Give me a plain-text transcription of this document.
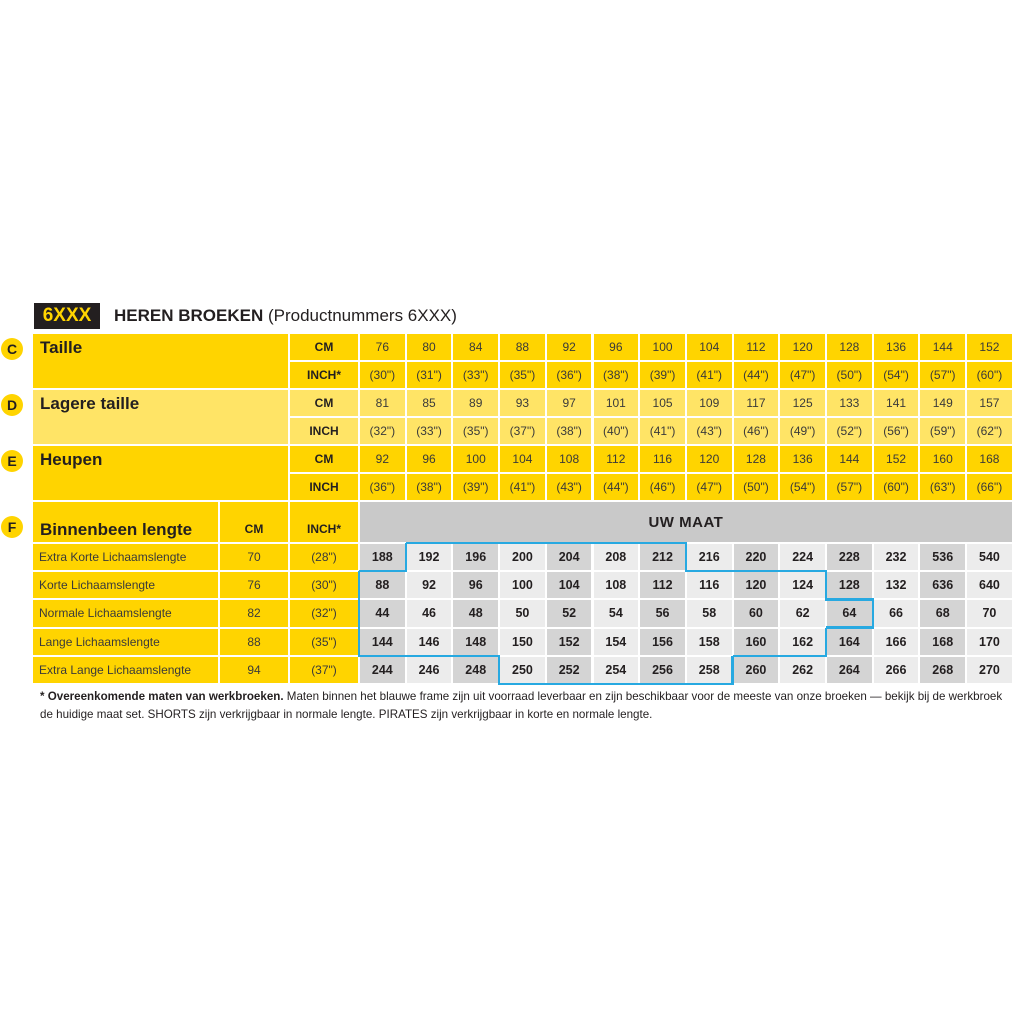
6XXX	HEREN BROEKEN (Productnummers 6XXX)
C	Taille	CM	76	80	84	88	92	96	100	104	112	120	128	136	144	152
INCH*	(30")	(31")	(33")	(35")	(36")	(38")	(39")	(41")	(44")	(47")	(50")	(54")	(57")	(60")
D	Lagere taille	CM	81	85	89	93	97	101	105	109	117	125	133	141	149	157
INCH	(32")	(33")	(35")	(37")	(38")	(40")	(41")	(43")	(46")	(49")	(52")	(56")	(59")	(62")
E	Heupen	CM	92	96	100	104	108	112	116	120	128	136	144	152	160	168
INCH	(36")	(38")	(39")	(41")	(43")	(44")	(46")	(47")	(50")	(54")	(57")	(60")	(63")	(66")
F	Binnenbeen lengte	CM	INCH*	UW MAAT
Extra Korte Lichaamslengte	70	(28")	188	192	196	200	204	208	212	216	220	224	228	232	536	540
Korte Lichaamslengte	76	(30")	88	92	96	100	104	108	112	116	120	124	128	132	636	640
Normale Lichaamslengte	82	(32")	44	46	48	50	52	54	56	58	60	62	64	66	68	70
Lange Lichaamslengte	88	(35")	144	146	148	150	152	154	156	158	160	162	164	166	168	170
Extra Lange Lichaamslengte	94	(37")	244	246	248	250	252	254	256	258	260	262	264	266	268	270
* Overeenkomende maten van werkbroeken. Maten binnen het blauwe frame zijn uit voorraad leverbaar en zijn beschikbaar voor de meeste van onze broeken — bekijk bij de werkbroek de huidige maat set. SHORTS zijn verkrijgbaar in normale lengte. PIRATES zijn verkrijgbaar in korte en normale lengte.
